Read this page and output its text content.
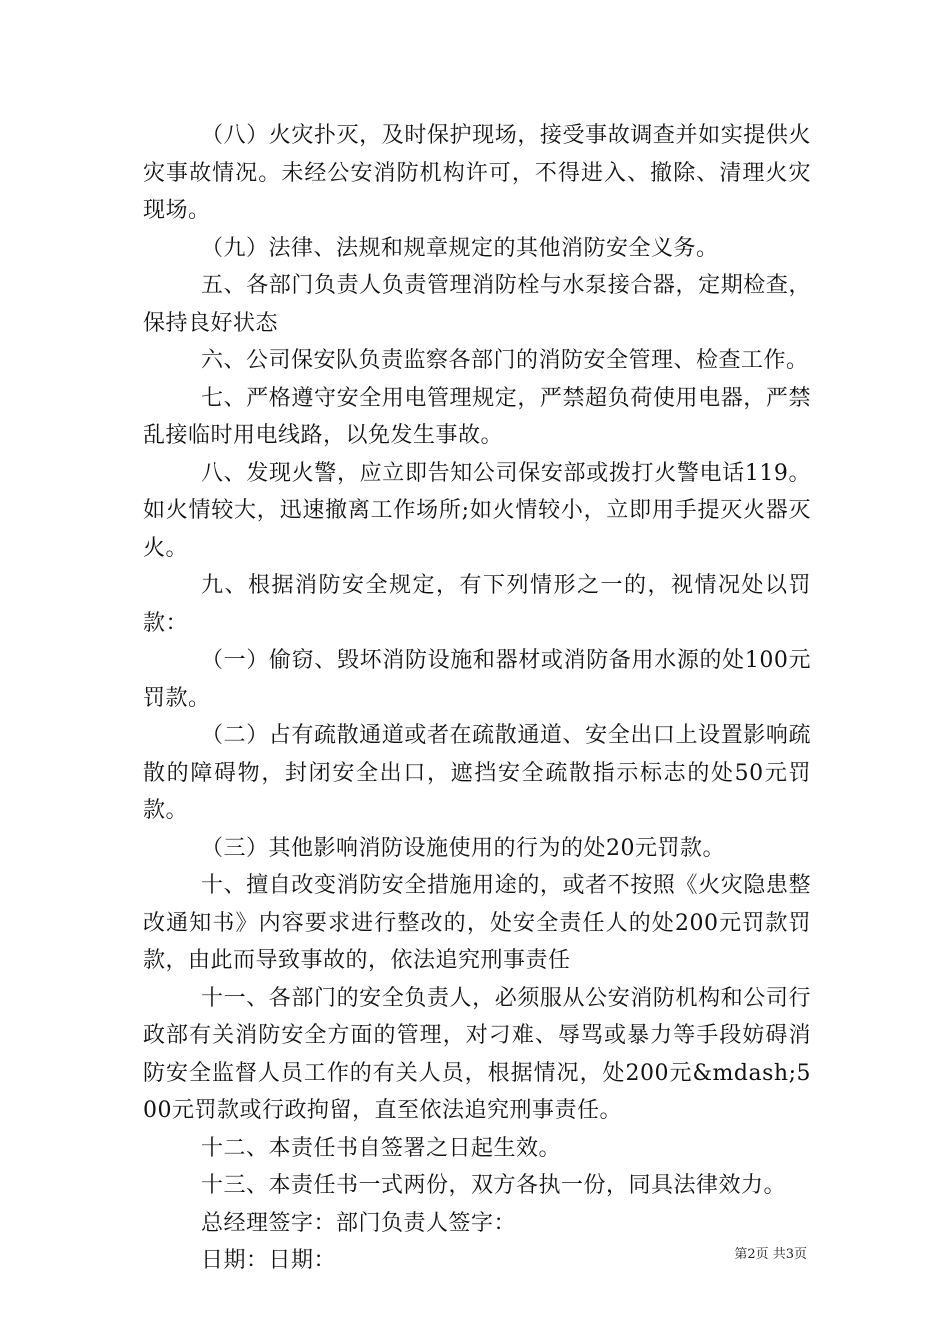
（八）火灾扑灭，及时保护现场，接受事故调查并如实提供火灾事故情况。未经公安消防机构许可，不得进入、撤除、清理火灾现场。

（九）法律、法规和规章规定的其他消防安全义务。

五、各部门负责人负责管理消防栓与水泵接合器，定期检查，保持良好状态

六、公司保安队负责监察各部门的消防安全管理、检查工作。

七、严格遵守安全用电管理规定，严禁超负荷使用电器，严禁乱接临时用电线路，以免发生事故。

八、发现火警，应立即告知公司保安部或拨打火警电话119。如火情较大，迅速撤离工作场所;如火情较小，立即用手提灭火器灭火。

九、根据消防安全规定，有下列情形之一的，视情况处以罚款：

（一）偷窃、毁坏消防设施和器材或消防备用水源的处100元罚款。

（二）占有疏散通道或者在疏散通道、安全出口上设置影响疏散的障碍物，封闭安全出口，遮挡安全疏散指示标志的处50元罚款。

（三）其他影响消防设施使用的行为的处20元罚款。

十、擅自改变消防安全措施用途的，或者不按照《火灾隐患整改通知书》内容要求进行整改的，处安全责任人的处200元罚款罚款，由此而导致事故的，依法追究刑事责任

十一、各部门的安全负责人，必须服从公安消防机构和公司行政部有关消防安全方面的管理，对刁难、辱骂或暴力等手段妨碍消防安全监督人员工作的有关人员，根据情况，处200元&mdash;500元罚款或行政拘留，直至依法追究刑事责任。

十二、本责任书自签署之日起生效。

十三、本责任书一式两份，双方各执一份，同具法律效力。

总经理签字：部门负责人签字：

日期：日期：	第2页 共3页
